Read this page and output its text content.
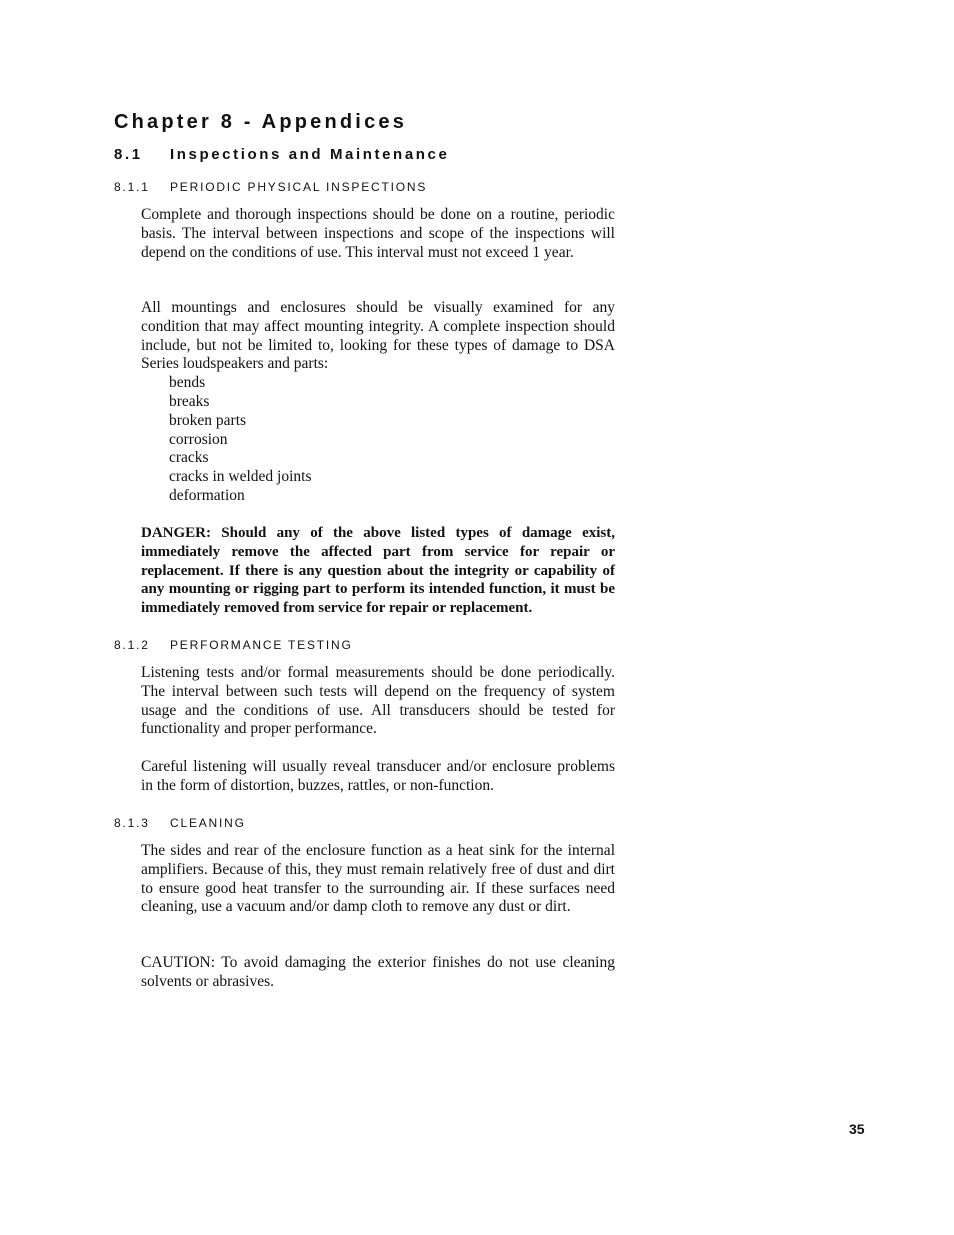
Chapter 8 - Appendices
8.1 Inspections and Maintenance
8.1.1 PERIODIC PHYSICAL INSPECTIONS

Complete and thorough inspections should be done on a routine, periodic basis. The interval between inspections and scope of the inspections will depend on the conditions of use. This interval must not exceed 1 year.

All mountings and enclosures should be visually examined for any condition that may affect mounting integrity. A complete inspection should include, but not be limited to, looking for these types of damage to DSA Series loudspeakers and parts:
bends
breaks
broken parts
corrosion
cracks
cracks in welded joints
deformation

DANGER: Should any of the above listed types of damage exist, immediately remove the affected part from service for repair or replacement. If there is any question about the integrity or capability of any mounting or rigging part to perform its intended function, it must be immediately removed from service for repair or replacement.

8.1.2 PERFORMANCE TESTING

Listening tests and/or formal measurements should be done periodically. The interval between such tests will depend on the frequency of system usage and the conditions of use. All transducers should be tested for functionality and proper performance.

Careful listening will usually reveal transducer and/or enclosure problems in the form of distortion, buzzes, rattles, or non-function.

8.1.3 CLEANING

The sides and rear of the enclosure function as a heat sink for the internal amplifiers. Because of this, they must remain relatively free of dust and dirt to ensure good heat transfer to the surrounding air. If these surfaces need cleaning, use a vacuum and/or damp cloth to remove any dust or dirt.

CAUTION: To avoid damaging the exterior finishes do not use cleaning solvents or abrasives.

35
